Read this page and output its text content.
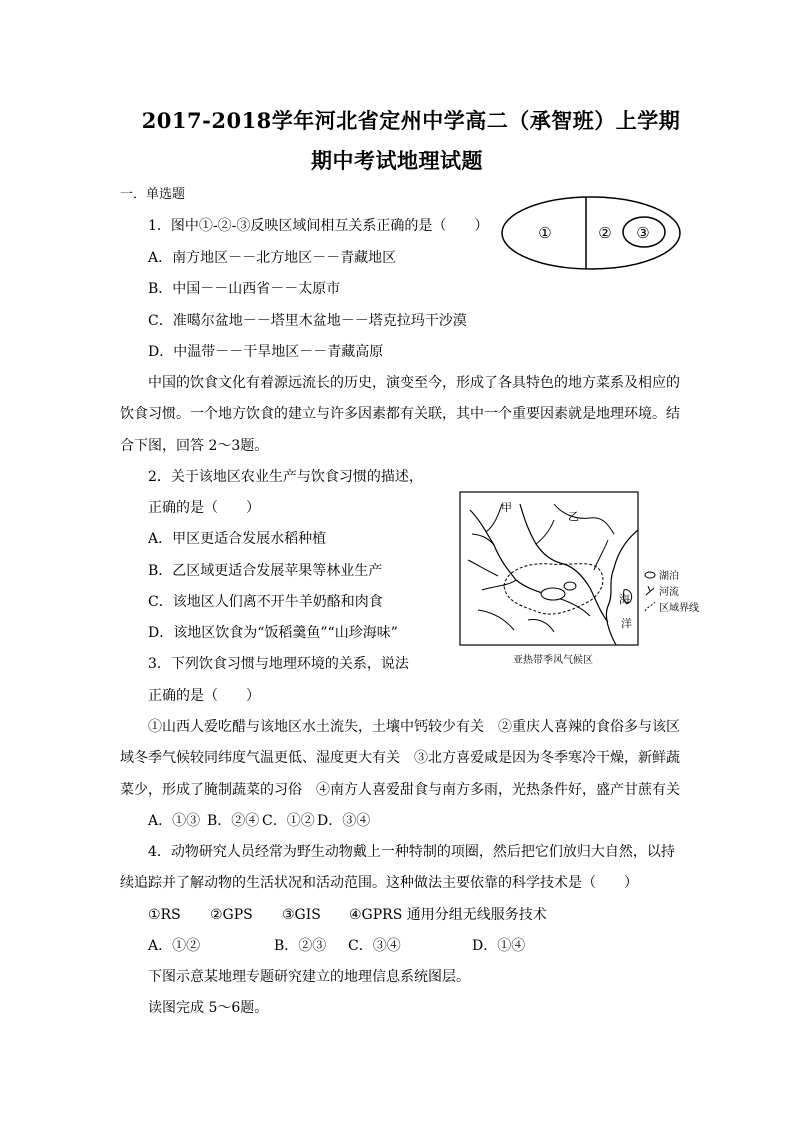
2017-2018学年河北省定州中学高二（承智班）上学期
期中考试地理试题
一．单选题
1．图中①-②-③反映区域间相互关系正确的是（　　）
A．南方地区－－北方地区－－青藏地区
B．中国－－山西省－－太原市
C．准噶尔盆地－－塔里木盆地－－塔克拉玛干沙漠
D．中温带－－干旱地区－－青藏高原
①	② ③
中国的饮食文化有着源远流长的历史，演变至今，形成了各具特色的地方菜系及相应的
饮食习惯。一个地方饮食的建立与许多因素都有关联，其中一个重要因素就是地理环境。结
合下图，回答 2～3题。
2．关于该地区农业生产与饮食习惯的描述，
正确的是（　　）
A．甲区更适合发展水稻种植
B．乙区域更适合发展苹果等林业生产
C．该地区人们离不开牛羊奶酪和肉食
D．该地区饮食为“饭稻羹鱼”“山珍海味”
甲
乙
海
洋
湖泊
河流
区域界线
亚热带季风气候区
3．下列饮食习惯与地理环境的关系，说法
正确的是（　　）
①山西人爱吃醋与该地区水土流失，土壤中钙较少有关　②重庆人喜辣的食俗多与该区
域冬季气候较同纬度气温更低、湿度更大有关　③北方喜爱咸是因为冬季寒冷干燥，新鲜蔬
菜少，形成了腌制蔬菜的习俗　④南方人喜爱甜食与南方多雨，光热条件好，盛产甘蔗有关
A．①③ B．②④ C．①② D．③④
4．动物研究人员经常为野生动物戴上一种特制的项圈，然后把它们放归大自然，以持
续追踪并了解动物的生活状况和活动范围。这种做法主要依靠的科学技术是（　　）
①RS ②GPS ③GIS ④GPRS 通用分组无线服务技术
A．①②	B．②③ C．③④	D．①④
下图示意某地理专题研究建立的地理信息系统图层。
读图完成 5～6题。
